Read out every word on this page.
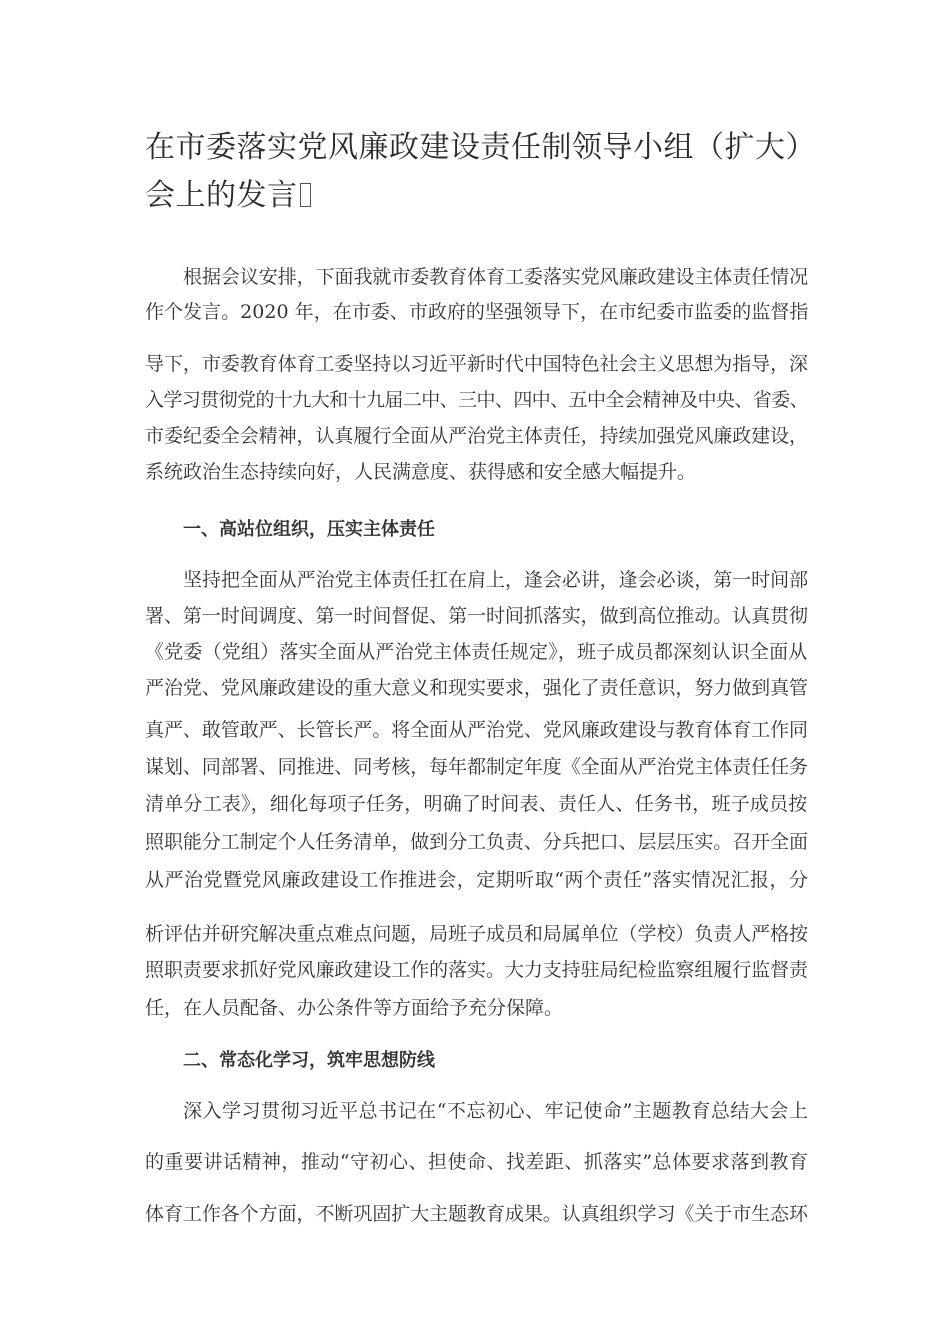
在市委落实党风廉政建设责任制领导小组（扩大）会上的发言

根据会议安排，下面我就市委教育体育工委落实党风廉政建设主体责任情况

作个发言。2020 年，在市委、市政府的坚强领导下，在市纪委市监委的监督指

导下，市委教育体育工委坚持以习近平新时代中国特色社会主义思想为指导，深

入学习贯彻党的十九大和十九届二中、三中、四中、五中全会精神及中央、省委、

市委纪委全会精神，认真履行全面从严治党主体责任，持续加强党风廉政建设，

系统政治生态持续向好，人民满意度、获得感和安全感大幅提升。

一、高站位组织，压实主体责任

坚持把全面从严治党主体责任扛在肩上，逢会必讲，逢会必谈，第一时间部

署、第一时间调度、第一时间督促、第一时间抓落实，做到高位推动。认真贯彻

《党委（党组）落实全面从严治党主体责任规定》，班子成员都深刻认识全面从

严治党、党风廉政建设的重大意义和现实要求，强化了责任意识，努力做到真管

真严、敢管敢严、长管长严。将全面从严治党、党风廉政建设与教育体育工作同

谋划、同部署、同推进、同考核，每年都制定年度《全面从严治党主体责任任务

清单分工表》，细化每项子任务，明确了时间表、责任人、任务书，班子成员按

照职能分工制定个人任务清单，做到分工负责、分兵把口、层层压实。召开全面

从严治党暨党风廉政建设工作推进会，定期听取“两个责任”落实情况汇报，分

析评估并研究解决重点难点问题，局班子成员和局属单位（学校）负责人严格按

照职责要求抓好党风廉政建设工作的落实。大力支持驻局纪检监察组履行监督责

任，在人员配备、办公条件等方面给予充分保障。

二、常态化学习，筑牢思想防线

深入学习贯彻习近平总书记在“不忘初心、牢记使命”主题教育总结大会上

的重要讲话精神，推动“守初心、担使命、找差距、抓落实”总体要求落到教育

体育工作各个方面，不断巩固扩大主题教育成果。认真组织学习《关于市生态环
